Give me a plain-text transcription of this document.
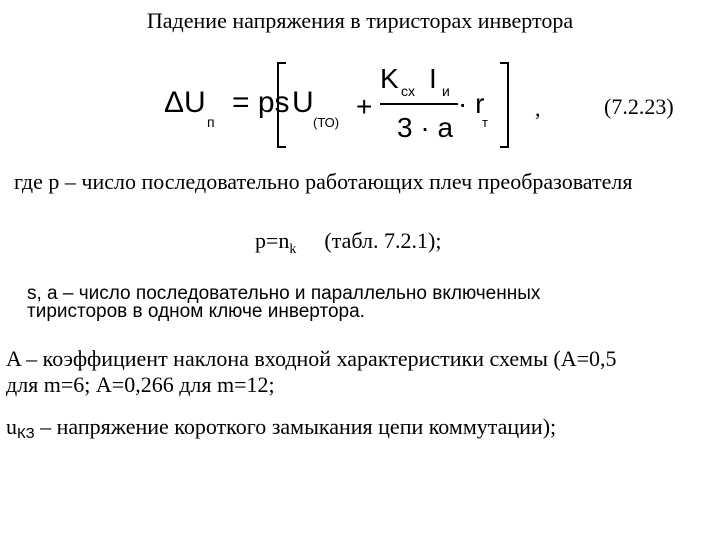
Падение напряжения в тиристорах инвертора
ΔU
п
= ps U
(ТО)
+
K сх I и
3 · a
· r
т
,	(7.2.23)
где р – число последовательно работающих плеч преобразователя
$р=n_k$ (табл. 7.2.1);
s, a – число последовательно и параллельно включенных
тиристоров в одном ключе инвертора.
A – коэффициент наклона входной характеристики схемы (А=0,5
для m=6; А=0,266 для m=12;
uКЗ – напряжение короткого замыкания цепи коммутации);
